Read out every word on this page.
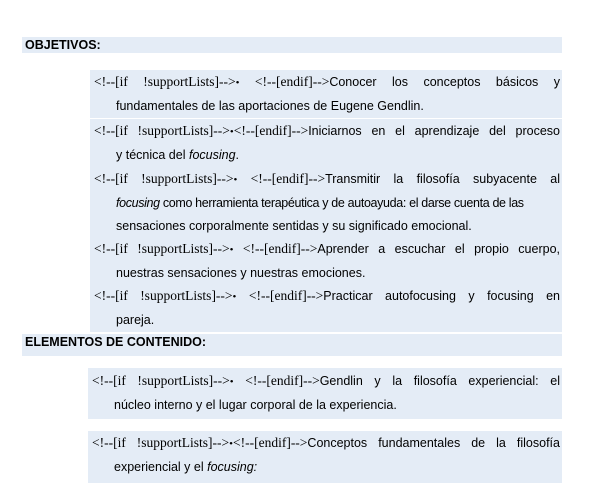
OBJETIVOS:
<!--[if !supportLists]-->• <!--[endif]-->Conocer los conceptos básicos y
fundamentales de las aportaciones de Eugene Gendlin.
<!--[if !supportLists]-->•<!--[endif]-->Iniciarnos en el aprendizaje del proceso
y técnica del focusing.
<!--[if !supportLists]-->• <!--[endif]-->Transmitir la filosofía subyacente al
focusing como herramienta terapéutica y de autoayuda: el darse cuenta de las
sensaciones corporalmente sentidas y su significado emocional.
<!--[if !supportLists]-->• <!--[endif]-->Aprender a escuchar el propio cuerpo,
nuestras sensaciones y nuestras emociones.
<!--[if !supportLists]-->• <!--[endif]-->Practicar autofocusing y focusing en
pareja.
ELEMENTOS DE CONTENIDO:
<!--[if !supportLists]-->• <!--[endif]-->Gendlin y la filosofía experiencial: el
núcleo interno y el lugar corporal de la experiencia.
<!--[if !supportLists]-->•<!--[endif]-->Conceptos fundamentales de la filosofía
experiencial y el focusing:
